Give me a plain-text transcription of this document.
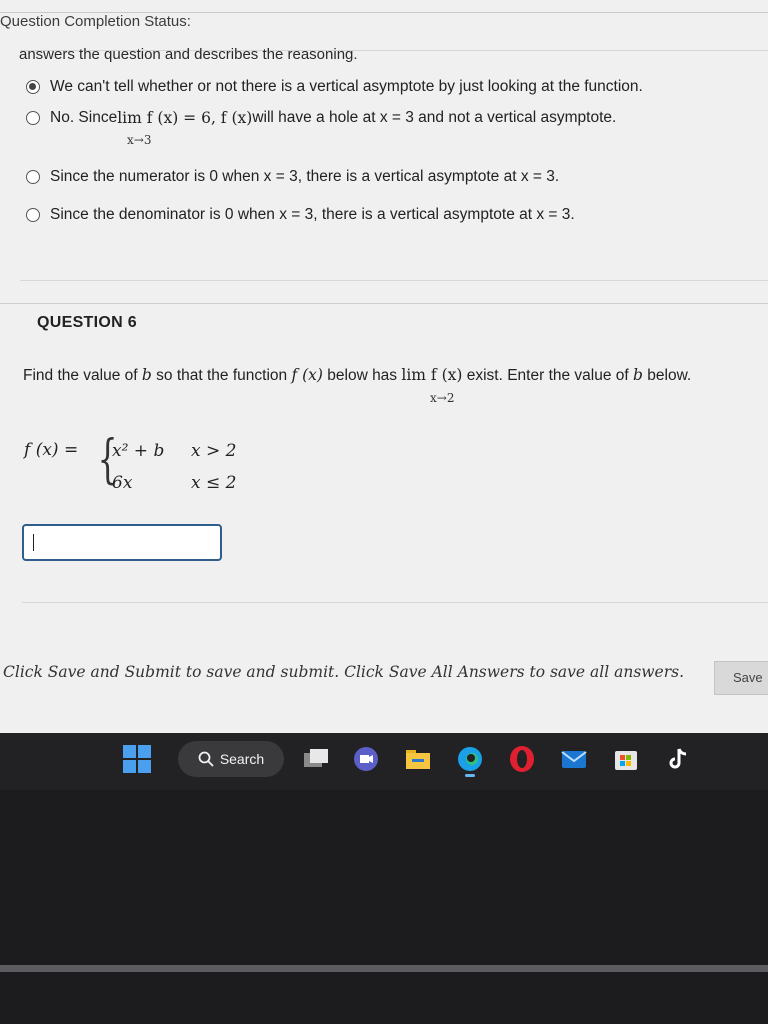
Question Completion Status:
answers the question and describes the reasoning.
We can't tell whether or not there is a vertical asymptote by just looking at the function.
No. Since lim f (x) = 6, f (x) will have a hole at x = 3 and not a vertical asymptote.
x→3
Since the numerator is 0 when x = 3, there is a vertical asymptote at x = 3.
Since the denominator is 0 when x = 3, there is a vertical asymptote at x = 3.
QUESTION 6
Find the value of b so that the function f (x) below has lim f (x) exist. Enter the value of b below.
x→2
f (x) = {
x² + b x > 2
6x	x ≤ 2
Click Save and Submit to save and submit. Click Save All Answers to save all answers.	Save
Search
